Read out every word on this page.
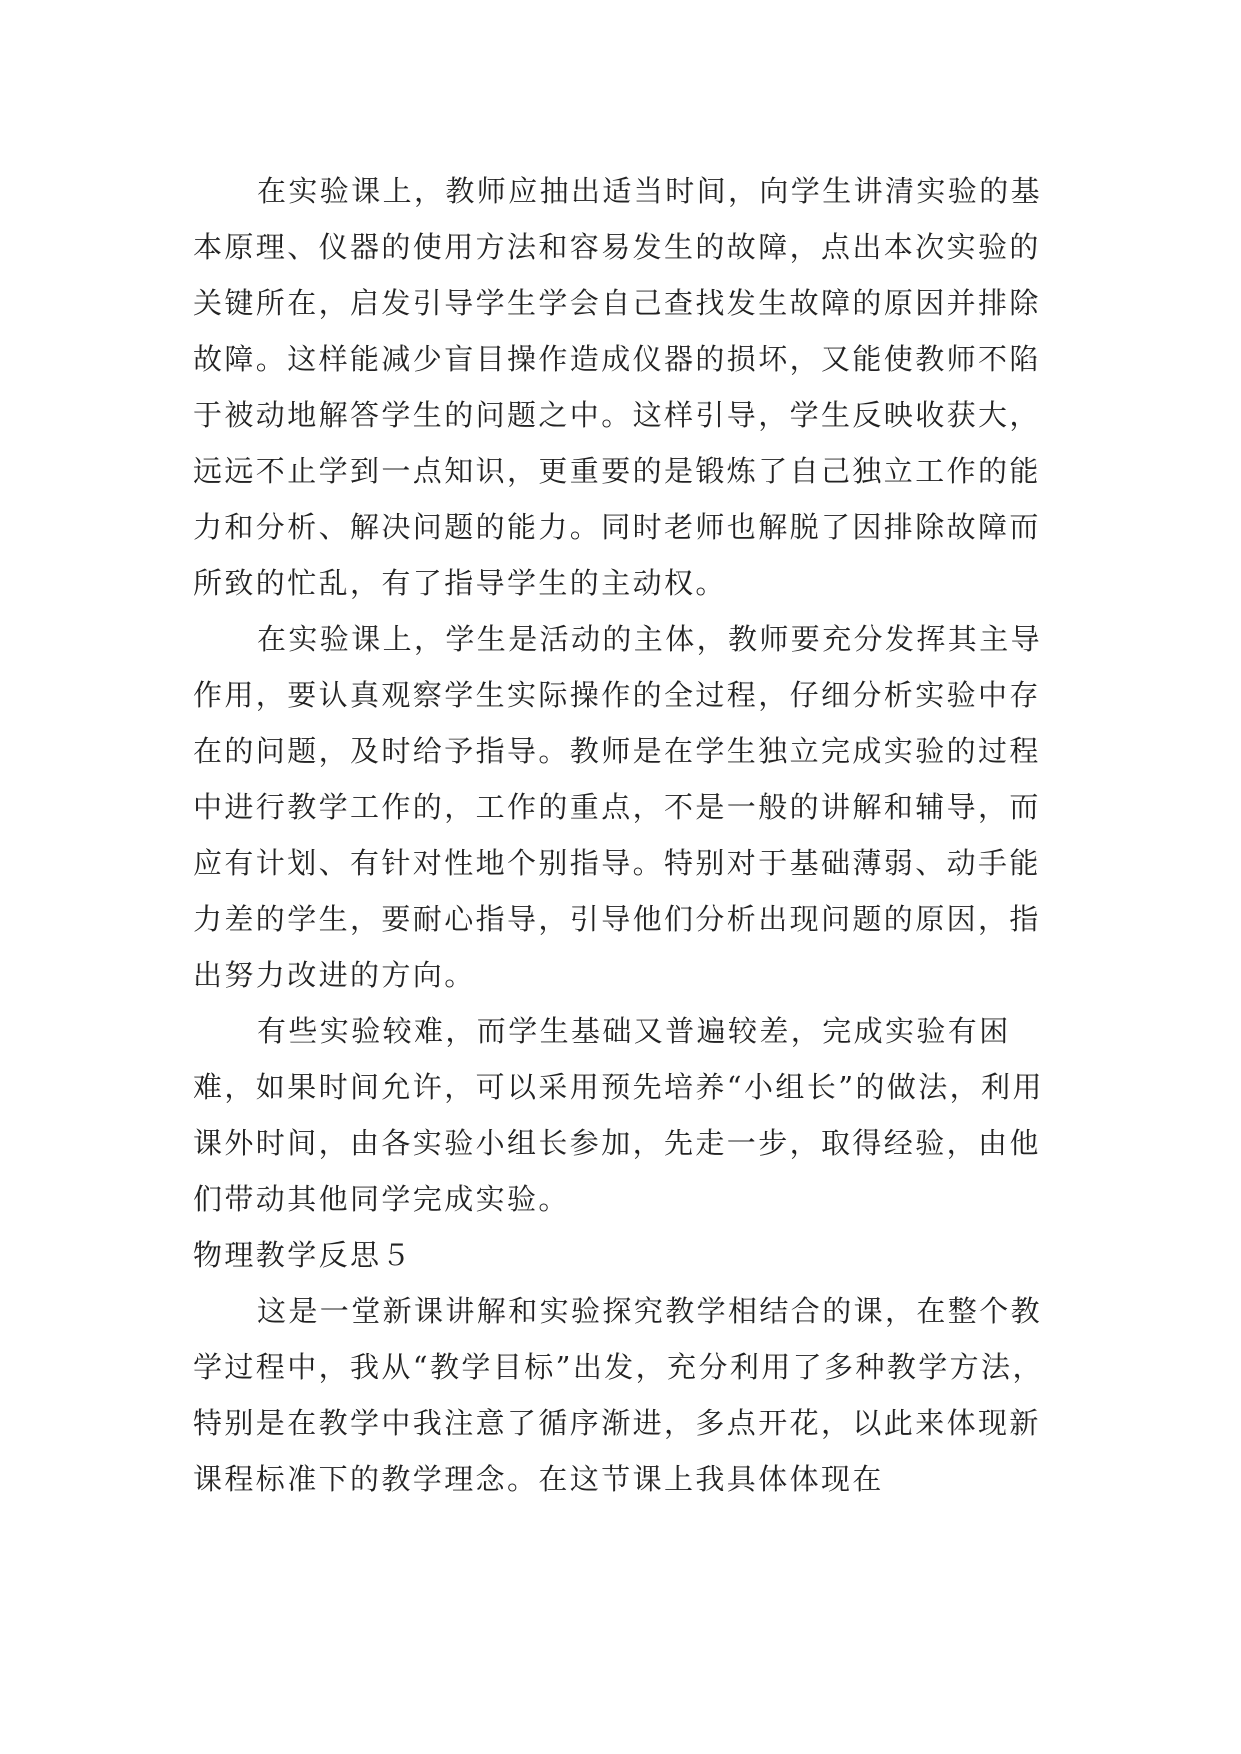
在实验课上，教师应抽出适当时间，向学生讲清实验的基本原理、仪器的使用方法和容易发生的故障，点出本次实验的关键所在，启发引导学生学会自己查找发生故障的原因并排除故障。这样能减少盲目操作造成仪器的损坏，又能使教师不陷于被动地解答学生的问题之中。这样引导，学生反映收获大，远远不止学到一点知识，更重要的是锻炼了自己独立工作的能力和分析、解决问题的能力。同时老师也解脱了因排除故障而所致的忙乱，有了指导学生的主动权。

在实验课上，学生是活动的主体，教师要充分发挥其主导作用，要认真观察学生实际操作的全过程，仔细分析实验中存在的问题，及时给予指导。教师是在学生独立完成实验的过程中进行教学工作的，工作的重点，不是一般的讲解和辅导，而应有计划、有针对性地个别指导。特别对于基础薄弱、动手能力差的学生，要耐心指导，引导他们分析出现问题的原因，指出努力改进的方向。

有些实验较难，而学生基础又普遍较差，完成实验有困难，如果时间允许，可以采用预先培养“小组长”的做法，利用课外时间，由各实验小组长参加，先走一步，取得经验，由他们带动其他同学完成实验。

物理教学反思５

这是一堂新课讲解和实验探究教学相结合的课，在整个教学过程中，我从“教学目标”出发，充分利用了多种教学方法，特别是在教学中我注意了循序渐进，多点开花，以此来体现新课程标准下的教学理念。在这节课上我具体体现在
